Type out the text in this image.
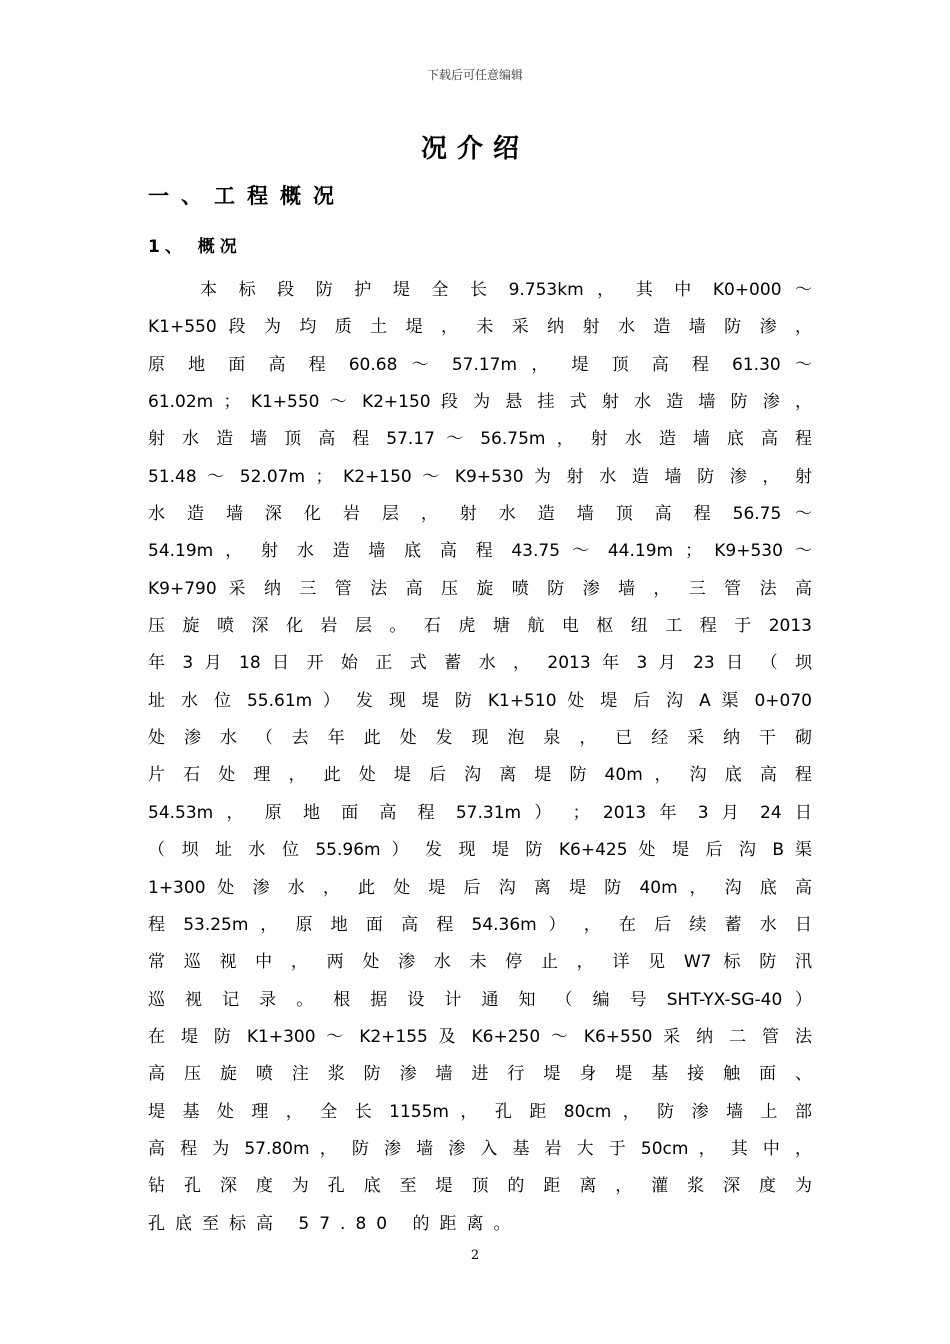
下载后可任意编辑
况介绍
一、工程概况
1、 概况
本 标 段 防 护 堤 全 长 9.753km ， 其 中 K0+000 ～
K1+550 段 为 均 质 土 堤 ， 未 采 纳 射 水 造 墙 防 渗 ，
原 地 面 高 程 60.68 ～ 57.17m ， 堤 顶 高 程 61.30 ～
61.02m ； K1+550 ～ K2+150 段 为 悬 挂 式 射 水 造 墙 防 渗 ，
射 水 造 墙 顶 高 程 57.17 ～ 56.75m ， 射 水 造 墙 底 高 程
51.48 ～ 52.07m ； K2+150 ～ K9+530 为 射 水 造 墙 防 渗 ， 射
水 造 墙 深 化 岩 层 ， 射 水 造 墙 顶 高 程 56.75 ～
54.19m ， 射 水 造 墙 底 高 程 43.75 ～ 44.19m ； K9+530 ～
K9+790 采 纳 三 管 法 高 压 旋 喷 防 渗 墙 ， 三 管 法 高
压 旋 喷 深 化 岩 层 。 石 虎 塘 航 电 枢 纽 工 程 于 2013
年 3 月 18 日 开 始 正 式 蓄 水 ， 2013 年 3 月 23 日 （ 坝
址 水 位 55.61m ） 发 现 堤 防 K1+510 处 堤 后 沟 A 渠 0+070
处 渗 水 （ 去 年 此 处 发 现 泡 泉 ， 已 经 采 纳 干 砌
片 石 处 理 ， 此 处 堤 后 沟 离 堤 防 40m ， 沟 底 高 程
54.53m ， 原 地 面 高 程 57.31m ） ； 2013 年 3 月 24 日
（ 坝 址 水 位 55.96m ） 发 现 堤 防 K6+425 处 堤 后 沟 B 渠
1+300 处 渗 水 ， 此 处 堤 后 沟 离 堤 防 40m ， 沟 底 高
程 53.25m ， 原 地 面 高 程 54.36m ） ， 在 后 续 蓄 水 日
常 巡 视 中 ， 两 处 渗 水 未 停 止 ， 详 见 W7 标 防 汛
巡 视 记 录 。 根 据 设 计 通 知 （ 编 号 SHT-YX-SG-40 ）
在 堤 防 K1+300 ～ K2+155 及 K6+250 ～ K6+550 采 纳 二 管 法
高 压 旋 喷 注 浆 防 渗 墙 进 行 堤 身 堤 基 接 触 面 、
堤 基 处 理 ， 全 长 1155m ， 孔 距 80cm ， 防 渗 墙 上 部
高 程 为 57.80m ， 防 渗 墙 渗 入 基 岩 大 于 50cm ， 其 中 ，
钻 孔 深 度 为 孔 底 至 堤 顶 的 距 离 ， 灌 浆 深 度 为
孔底至标高 57.80 的距离。
2
